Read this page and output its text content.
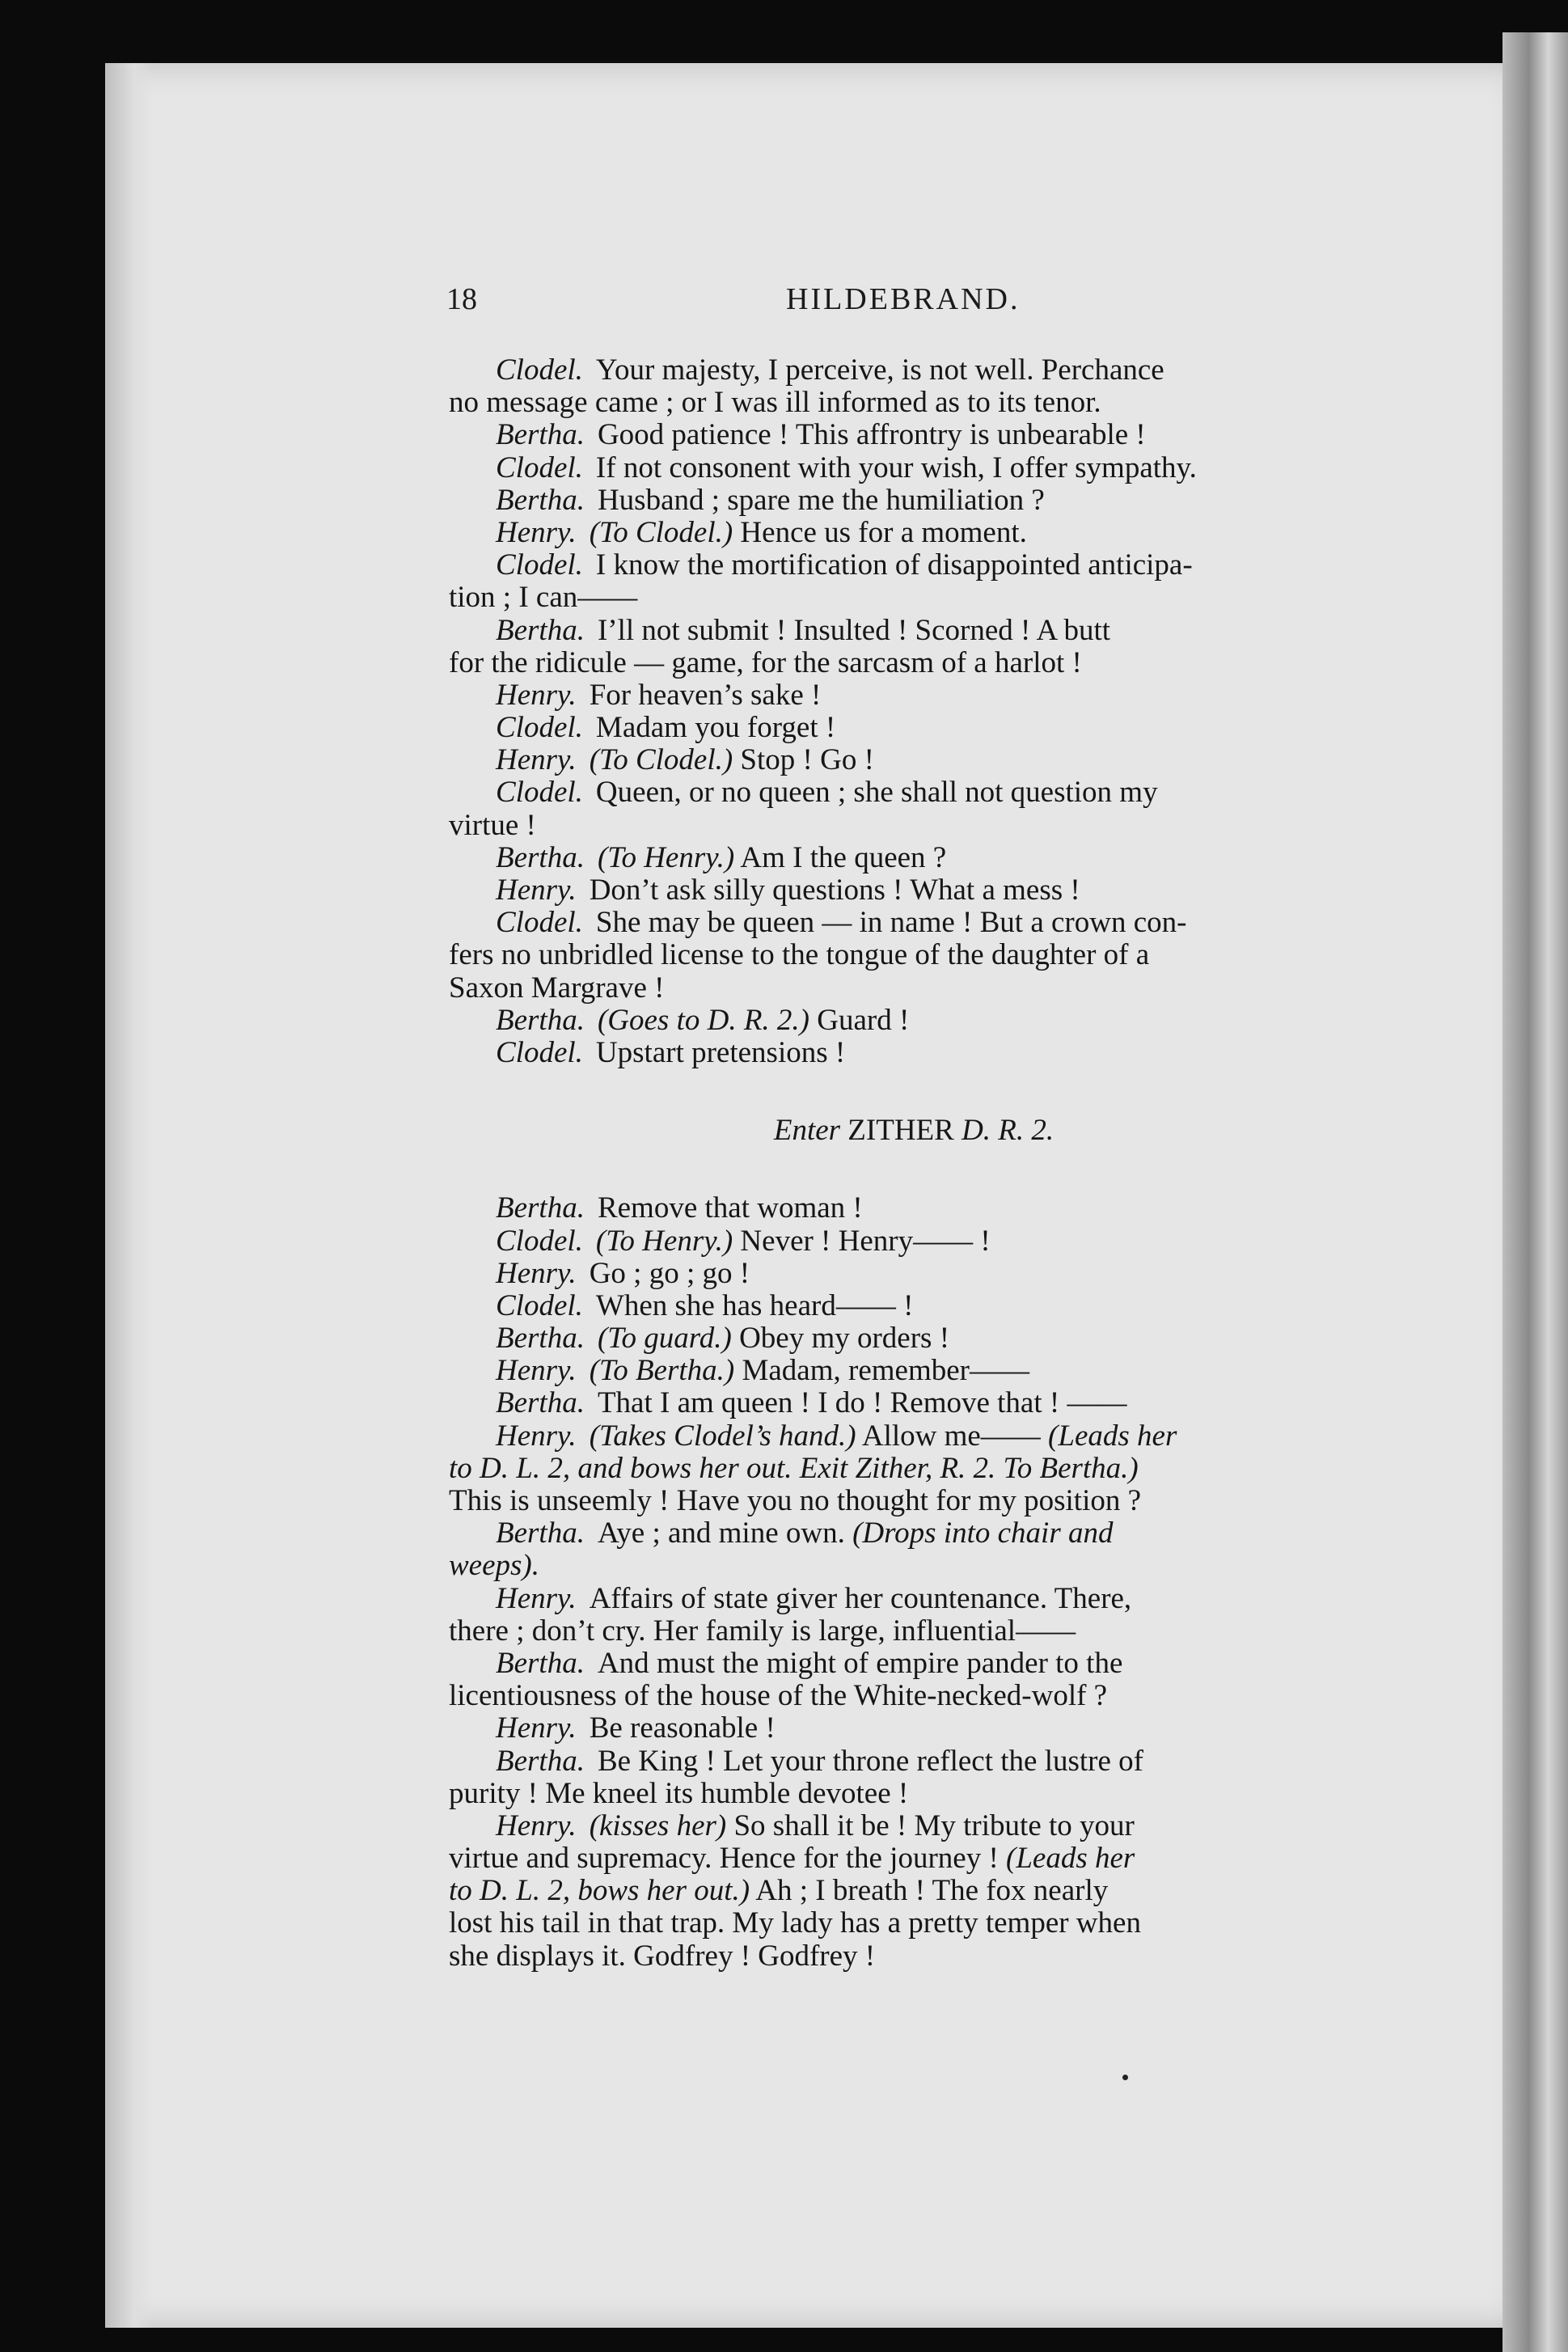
18	HILDEBRAND.
Clodel. Your majesty, I perceive, is not well. Perchance
no message came ; or I was ill informed as to its tenor.
Bertha. Good patience ! This affrontry is unbearable !
Clodel. If not consonent with your wish, I offer sympathy.
Bertha. Husband ; spare me the humiliation ?
Henry. (To Clodel.) Hence us for a moment.
Clodel. I know the mortification of disappointed anticipa-
tion ; I can——
Bertha. I’ll not submit ! Insulted ! Scorned ! A butt
for the ridicule — game, for the sarcasm of a harlot !
Henry. For heaven’s sake !
Clodel. Madam you forget !
Henry. (To Clodel.) Stop ! Go !
Clodel. Queen, or no queen ; she shall not question my
virtue !
Bertha. (To Henry.) Am I the queen ?
Henry. Don’t ask silly questions ! What a mess !
Clodel. She may be queen — in name ! But a crown con-
fers no unbridled license to the tongue of the daughter of a
Saxon Margrave !
Bertha. (Goes to D. R. 2.) Guard !
Clodel. Upstart pretensions !
Enter ZITHER D. R. 2.
Bertha. Remove that woman !
Clodel. (To Henry.) Never ! Henry—— !
Henry. Go ; go ; go !
Clodel. When she has heard—— !
Bertha. (To guard.) Obey my orders !
Henry. (To Bertha.) Madam, remember——
Bertha. That I am queen ! I do ! Remove that ! ——
Henry. (Takes Clodel’s hand.) Allow me—— (Leads her
to D. L. 2, and bows her out. Exit Zither, R. 2. To Bertha.)
This is unseemly ! Have you no thought for my position ?
Bertha. Aye ; and mine own. (Drops into chair and
weeps).
Henry. Affairs of state giver her countenance. There,
there ; don’t cry. Her family is large, influential——
Bertha. And must the might of empire pander to the
licentiousness of the house of the White-necked-wolf ?
Henry. Be reasonable !
Bertha. Be King ! Let your throne reflect the lustre of
purity ! Me kneel its humble devotee !
Henry. (kisses her) So shall it be ! My tribute to your
virtue and supremacy. Hence for the journey ! (Leads her
to D. L. 2, bows her out.) Ah ; I breath ! The fox nearly
lost his tail in that trap. My lady has a pretty temper when
she displays it. Godfrey ! Godfrey !
